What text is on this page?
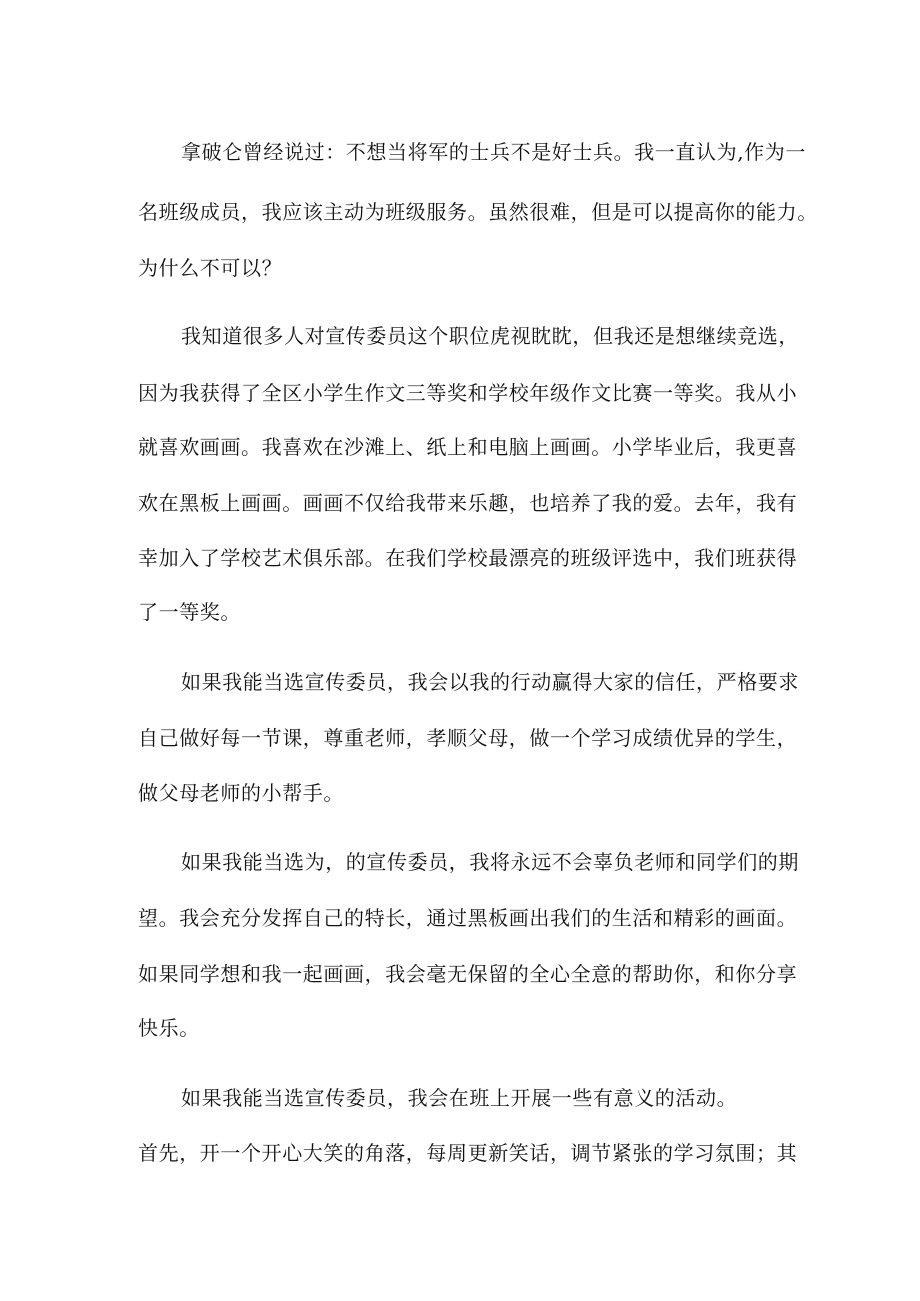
拿破仑曾经说过：不想当将军的士兵不是好士兵。我一直认为,作为一
名班级成员，我应该主动为班级服务。虽然很难，但是可以提高你的能力。
为什么不可以？
我知道很多人对宣传委员这个职位虎视眈眈，但我还是想继续竞选，
因为我获得了全区小学生作文三等奖和学校年级作文比赛一等奖。我从小
就喜欢画画。我喜欢在沙滩上、纸上和电脑上画画。小学毕业后，我更喜
欢在黑板上画画。画画不仅给我带来乐趣，也培养了我的爱。去年，我有
幸加入了学校艺术俱乐部。在我们学校最漂亮的班级评选中，我们班获得
了一等奖。
如果我能当选宣传委员，我会以我的行动赢得大家的信任，严格要求
自己做好每一节课，尊重老师，孝顺父母，做一个学习成绩优异的学生，
做父母老师的小帮手。
如果我能当选为，的宣传委员，我将永远不会辜负老师和同学们的期
望。我会充分发挥自己的特长，通过黑板画出我们的生活和精彩的画面。
如果同学想和我一起画画，我会毫无保留的全心全意的帮助你，和你分享
快乐。
如果我能当选宣传委员，我会在班上开展一些有意义的活动。
首先，开一个开心大笑的角落，每周更新笑话，调节紧张的学习氛围；其
